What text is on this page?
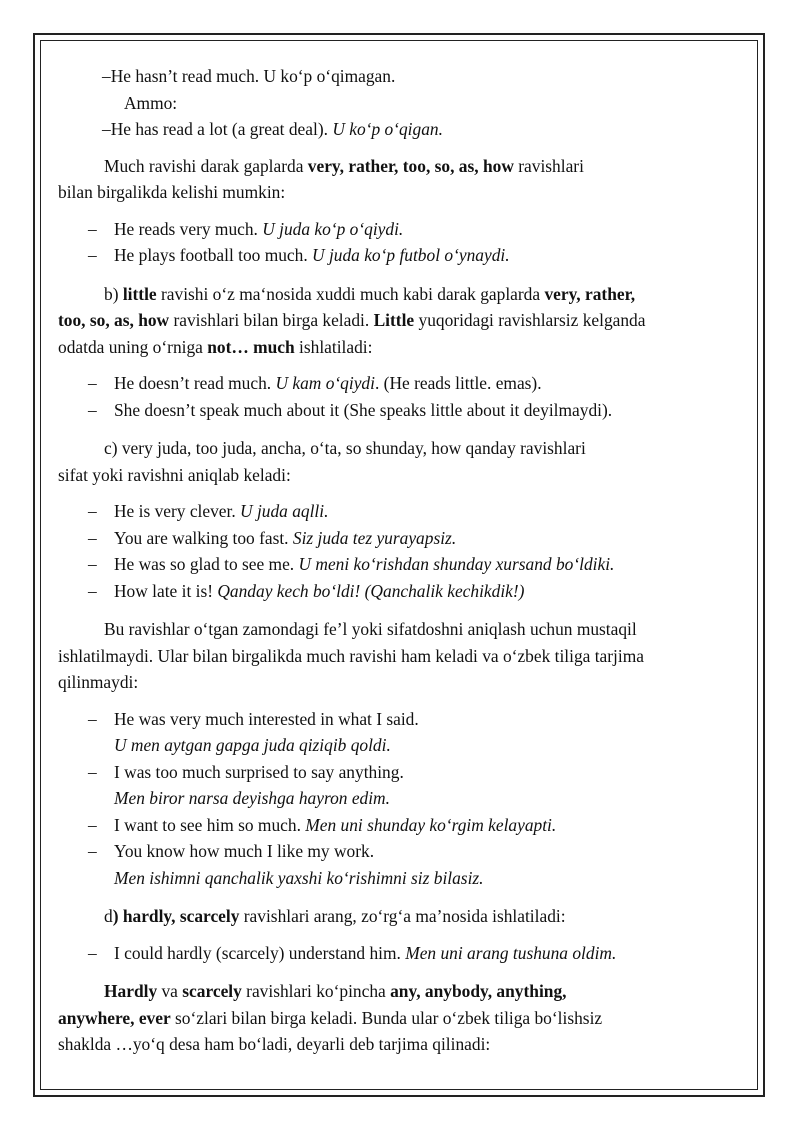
–He hasn’t read much. U ko‘p o‘qimagan.
Ammo:
–He has read a lot (a great deal). U ko‘p o‘qigan.
Much ravishi darak gaplarda very, rather, too, so, as, how ravishlari
bilan birgalikda kelishi mumkin:
– He reads very much. U juda ko‘p o‘qiydi.
– He plays football too much. U juda ko‘p futbol o‘ynaydi.
b) little ravishi o‘z ma‘nosida xuddi much kabi darak gaplarda very, rather,
too, so, as, how ravishlari bilan birga keladi. Little yuqoridagi ravishlarsiz kelganda
odatda uning o‘rniga not… much ishlatiladi:
– He doesn’t read much. U kam o‘qiydi. (He reads little. emas).
– She doesn’t speak much about it (She speaks little about it deyilmaydi).
c) very juda, too juda, ancha, o‘ta, so shunday, how qanday ravishlari
sifat yoki ravishni aniqlab keladi:
– He is very clever. U juda aqlli.
– You are walking too fast. Siz juda tez yurayapsiz.
– He was so glad to see me. U meni ko‘rishdan shunday xursand bo‘ldiki.
– How late it is! Qanday kech bo‘ldi! (Qanchalik kechikdik!)
Bu ravishlar o‘tgan zamondagi fe’l yoki sifatdoshni aniqlash uchun mustaqil
ishlatilmaydi. Ular bilan birgalikda much ravishi ham keladi va o‘zbek tiliga tarjima
qilinmaydi:
– He was very much interested in what I said.
U men aytgan gapga juda qiziqib qoldi.
– I was too much surprised to say anything.
Men biror narsa deyishga hayron edim.
– I want to see him so much. Men uni shunday ko‘rgim kelayapti.
– You know how much I like my work.
Men ishimni qanchalik yaxshi ko‘rishimni siz bilasiz.
d) hardly, scarcely ravishlari arang, zo‘rg‘a ma’nosida ishlatiladi:
– I could hardly (scarcely) understand him. Men uni arang tushuna oldim.
Hardly va scarcely ravishlari ko‘pincha any, anybody, anything,
anywhere, ever so‘zlari bilan birga keladi. Bunda ular o‘zbek tiliga bo‘lishsiz
shaklda …yo‘q desa ham bo‘ladi, deyarli deb tarjima qilinadi:
